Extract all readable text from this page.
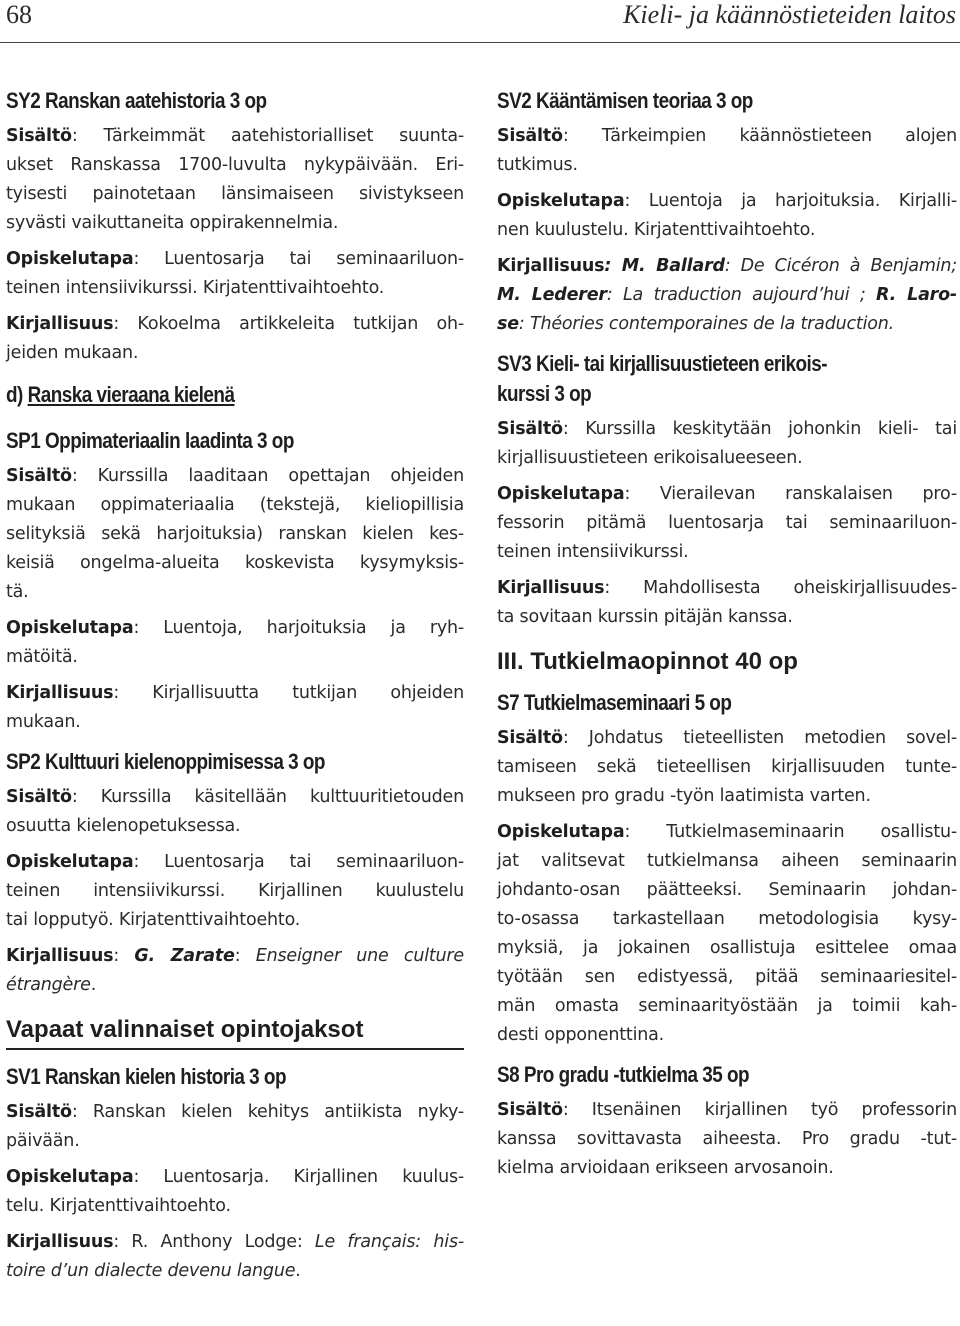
68	Kieli- ja käännöstieteiden laitos
SY2 Ranskan aatehistoria 3 op
Sisältö: Tärkeimmät aatehistorialliset suunta-
ukset Ranskassa 1700-luvulta nykypäivään. Eri-
tyisesti painotetaan länsimaiseen sivistykseen
syvästi vaikuttaneita oppirakennelmia.
Opiskelutapa: Luentosarja tai seminaariluon-
teinen intensiivikurssi. Kirjatenttivaihtoehto.
Kirjallisuus: Kokoelma artikkeleita tutkijan oh-
jeiden mukaan.
d) Ranska vieraana kielenä
SP1 Oppimateriaalin laadinta 3 op
Sisältö: Kurssilla laaditaan opettajan ohjeiden
mukaan oppimateriaalia (tekstejä, kieliopillisia
selityksiä sekä harjoituksia) ranskan kielen kes-
keisiä ongelma-alueita koskevista kysymyksis-
tä.
Opiskelutapa: Luentoja, harjoituksia ja ryh-
mätöitä.
Kirjallisuus: Kirjallisuutta tutkijan ohjeiden
mukaan.
SP2 Kulttuuri kielenoppimisessa 3 op
Sisältö: Kurssilla käsitellään kulttuuritietouden
osuutta kielenopetuksessa.
Opiskelutapa: Luentosarja tai seminaariluon-
teinen intensiivikurssi. Kirjallinen kuulustelu
tai lopputyö. Kirjatenttivaihtoehto.
Kirjallisuus: G. Zarate: Enseigner une culture
étrangère.
Vapaat valinnaiset opintojaksot
SV1 Ranskan kielen historia 3 op
Sisältö: Ranskan kielen kehitys antiikista nyky-
päivään.
Opiskelutapa: Luentosarja. Kirjallinen kuulus-
telu. Kirjatenttivaihtoehto.
Kirjallisuus: R. Anthony Lodge: Le français: his-
toire d’un dialecte devenu langue.
SV2 Kääntämisen teoriaa 3 op
Sisältö: Tärkeimpien käännöstieteen alojen
tutkimus.
Opiskelutapa: Luentoja ja harjoituksia. Kirjalli-
nen kuulustelu. Kirjatenttivaihtoehto.
Kirjallisuus: M. Ballard: De Cicéron à Benjamin;
M. Lederer: La traduction aujourd’hui ; R. Laro-
se: Théories contemporaines de la traduction.
SV3 Kieli- tai kirjallisuustieteen erikois-
kurssi 3 op
Sisältö: Kurssilla keskitytään johonkin kieli- tai
kirjallisuustieteen erikoisalueeseen.
Opiskelutapa: Vierailevan ranskalaisen pro-
fessorin pitämä luentosarja tai seminaariluon-
teinen intensiivikurssi.
Kirjallisuus: Mahdollisesta oheiskirjallisuudes-
ta sovitaan kurssin pitäjän kanssa.
III. Tutkielmaopinnot 40 op
S7 Tutkielmaseminaari 5 op
Sisältö: Johdatus tieteellisten metodien sovel-
tamiseen sekä tieteellisen kirjallisuuden tunte-
mukseen pro gradu -työn laatimista varten.
Opiskelutapa: Tutkielmaseminaarin osallistu-
jat valitsevat tutkielmansa aiheen seminaarin
johdanto-osan päätteeksi. Seminaarin johdan-
to-osassa tarkastellaan metodologisia kysy-
myksiä, ja jokainen osallistuja esittelee omaa
työtään sen edistyessä, pitää seminaariesitel-
män omasta seminaarityöstään ja toimii kah-
desti opponenttina.
S8 Pro gradu -tutkielma 35 op
Sisältö: Itsenäinen kirjallinen työ professorin
kanssa sovittavasta aiheesta. Pro gradu -tut-
kielma arvioidaan erikseen arvosanoin.
